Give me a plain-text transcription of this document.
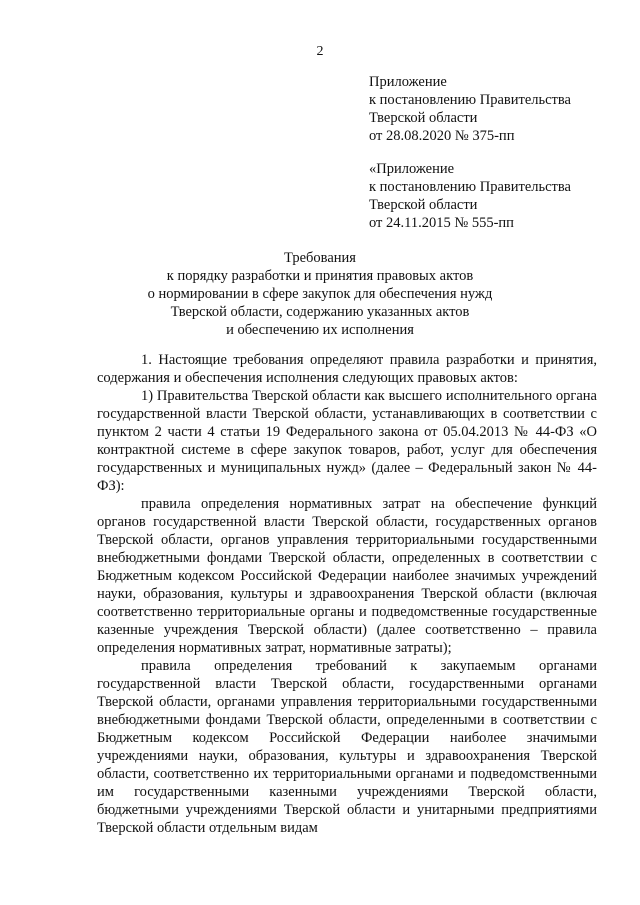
2
Приложение
к постановлению Правительства
Тверской области
от 28.08.2020 № 375-пп
«Приложение
к постановлению Правительства
Тверской области
от 24.11.2015 № 555-пп
Требования
к порядку разработки и принятия правовых актов
о нормировании в сфере закупок для обеспечения нужд
Тверской области, содержанию указанных актов
и обеспечению их исполнения

1. Настоящие требования определяют правила разработки и принятия, содержания и обеспечения исполнения следующих правовых актов:

1) Правительства Тверской области как высшего исполнительного органа государственной власти Тверской области, устанавливающих в соответствии с пунктом 2 части 4 статьи 19 Федерального закона от 05.04.2013 № 44-ФЗ «О контрактной системе в сфере закупок товаров, работ, услуг для обеспечения государственных и муниципальных нужд» (далее – Федеральный закон № 44-ФЗ):

правила определения нормативных затрат на обеспечение функций органов государственной власти Тверской области, государственных органов Тверской области, органов управления территориальными государственными внебюджетными фондами Тверской области, определенных в соответствии с Бюджетным кодексом Российской Федерации наиболее значимых учреждений науки, образования, культуры и здравоохранения Тверской области (включая соответственно территориальные органы и подведомственные государственные казенные учреждения Тверской области) (далее соответственно – правила определения нормативных затрат, нормативные затраты);

правила определения требований к закупаемым органами государственной власти Тверской области, государственными органами Тверской области, органами управления территориальными государственными внебюджетными фондами Тверской области, определенными в соответствии с Бюджетным кодексом Российской Федерации наиболее значимыми учреждениями науки, образования, культуры и здравоохранения Тверской области, соответственно их территориальными органами и подведомственными им государственными казенными учреждениями Тверской области, бюджетными учреждениями Тверской области и унитарными предприятиями Тверской области отдельным видам
